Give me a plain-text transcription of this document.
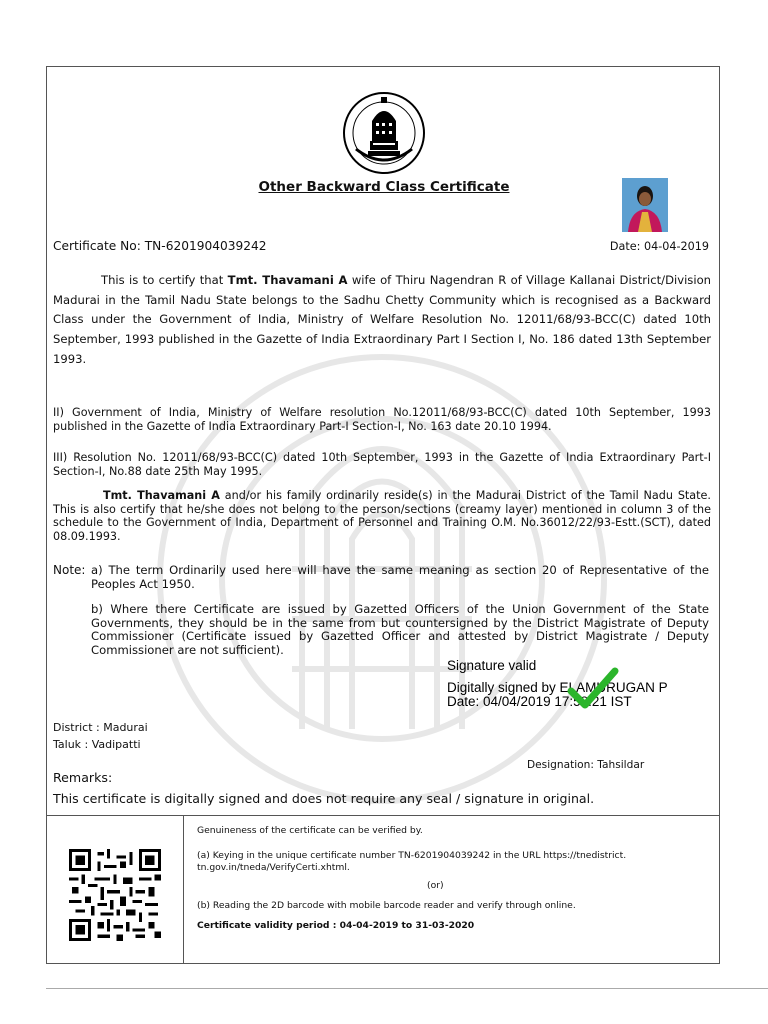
Other Backward Class Certificate
Certificate No: TN-6201904039242	Date: 04-04-2019
This is to certify that Tmt. Thavamani A wife of Thiru Nagendran R of Village Kallanai District/Division Madurai in the Tamil Nadu State belongs to the Sadhu Chetty Community which is recognised as a Backward Class under the Government of India, Ministry of Welfare Resolution No. 12011/68/93-BCC(C) dated 10th September, 1993 published in the Gazette of India Extraordinary Part I Section I, No. 186 dated 13th September 1993.
II) Government of India, Ministry of Welfare resolution No.12011/68/93-BCC(C) dated 10th September, 1993 published in the Gazette of India Extraordinary Part-I Section-I, No. 163 date 20.10 1994.
III) Resolution No. 12011/68/93-BCC(C) dated 10th September, 1993 in the Gazette of India Extraordinary Part-I Section-I, No.88 date 25th May 1995.
Tmt. Thavamani A and/or his family ordinarily reside(s) in the Madurai District of the Tamil Nadu State. This is also certify that he/she does not belong to the person/sections (creamy layer) mentioned in column 3 of the schedule to the Government of India, Department of Personnel and Training O.M. No.36012/22/93-Estt.(SCT), dated 08.09.1993.
Note: a) The term Ordinarily used here will have the same meaning as section 20 of Representative of the Peoples Act 1950.
b) Where there Certificate are issued by Gazetted Officers of the Union Government of the State Governments, they should be in the same from but countersigned by the District Magistrate of Deputy Commissioner (Certificate issued by Gazetted Officer and attested by District Magistrate / Deputy Commissioner are not sufficient).
Signature valid
Digitally signed by ELAMURUGAN P
Date: 04/04/2019 17:58:21 IST
District : Madurai
Taluk : Vadipatti
Designation: Tahsildar
Remarks:
This certificate is digitally signed and does not require any seal / signature in original.
Genuineness of the certificate can be verified by.
(a) Keying in the unique certificate number TN-6201904039242 in the URL https://tnedistrict. tn.gov.in/tneda/VerifyCerti.xhtml.
(or)
(b) Reading the 2D barcode with mobile barcode reader and verify through online.
Certificate validity period : 04-04-2019 to 31-03-2020
